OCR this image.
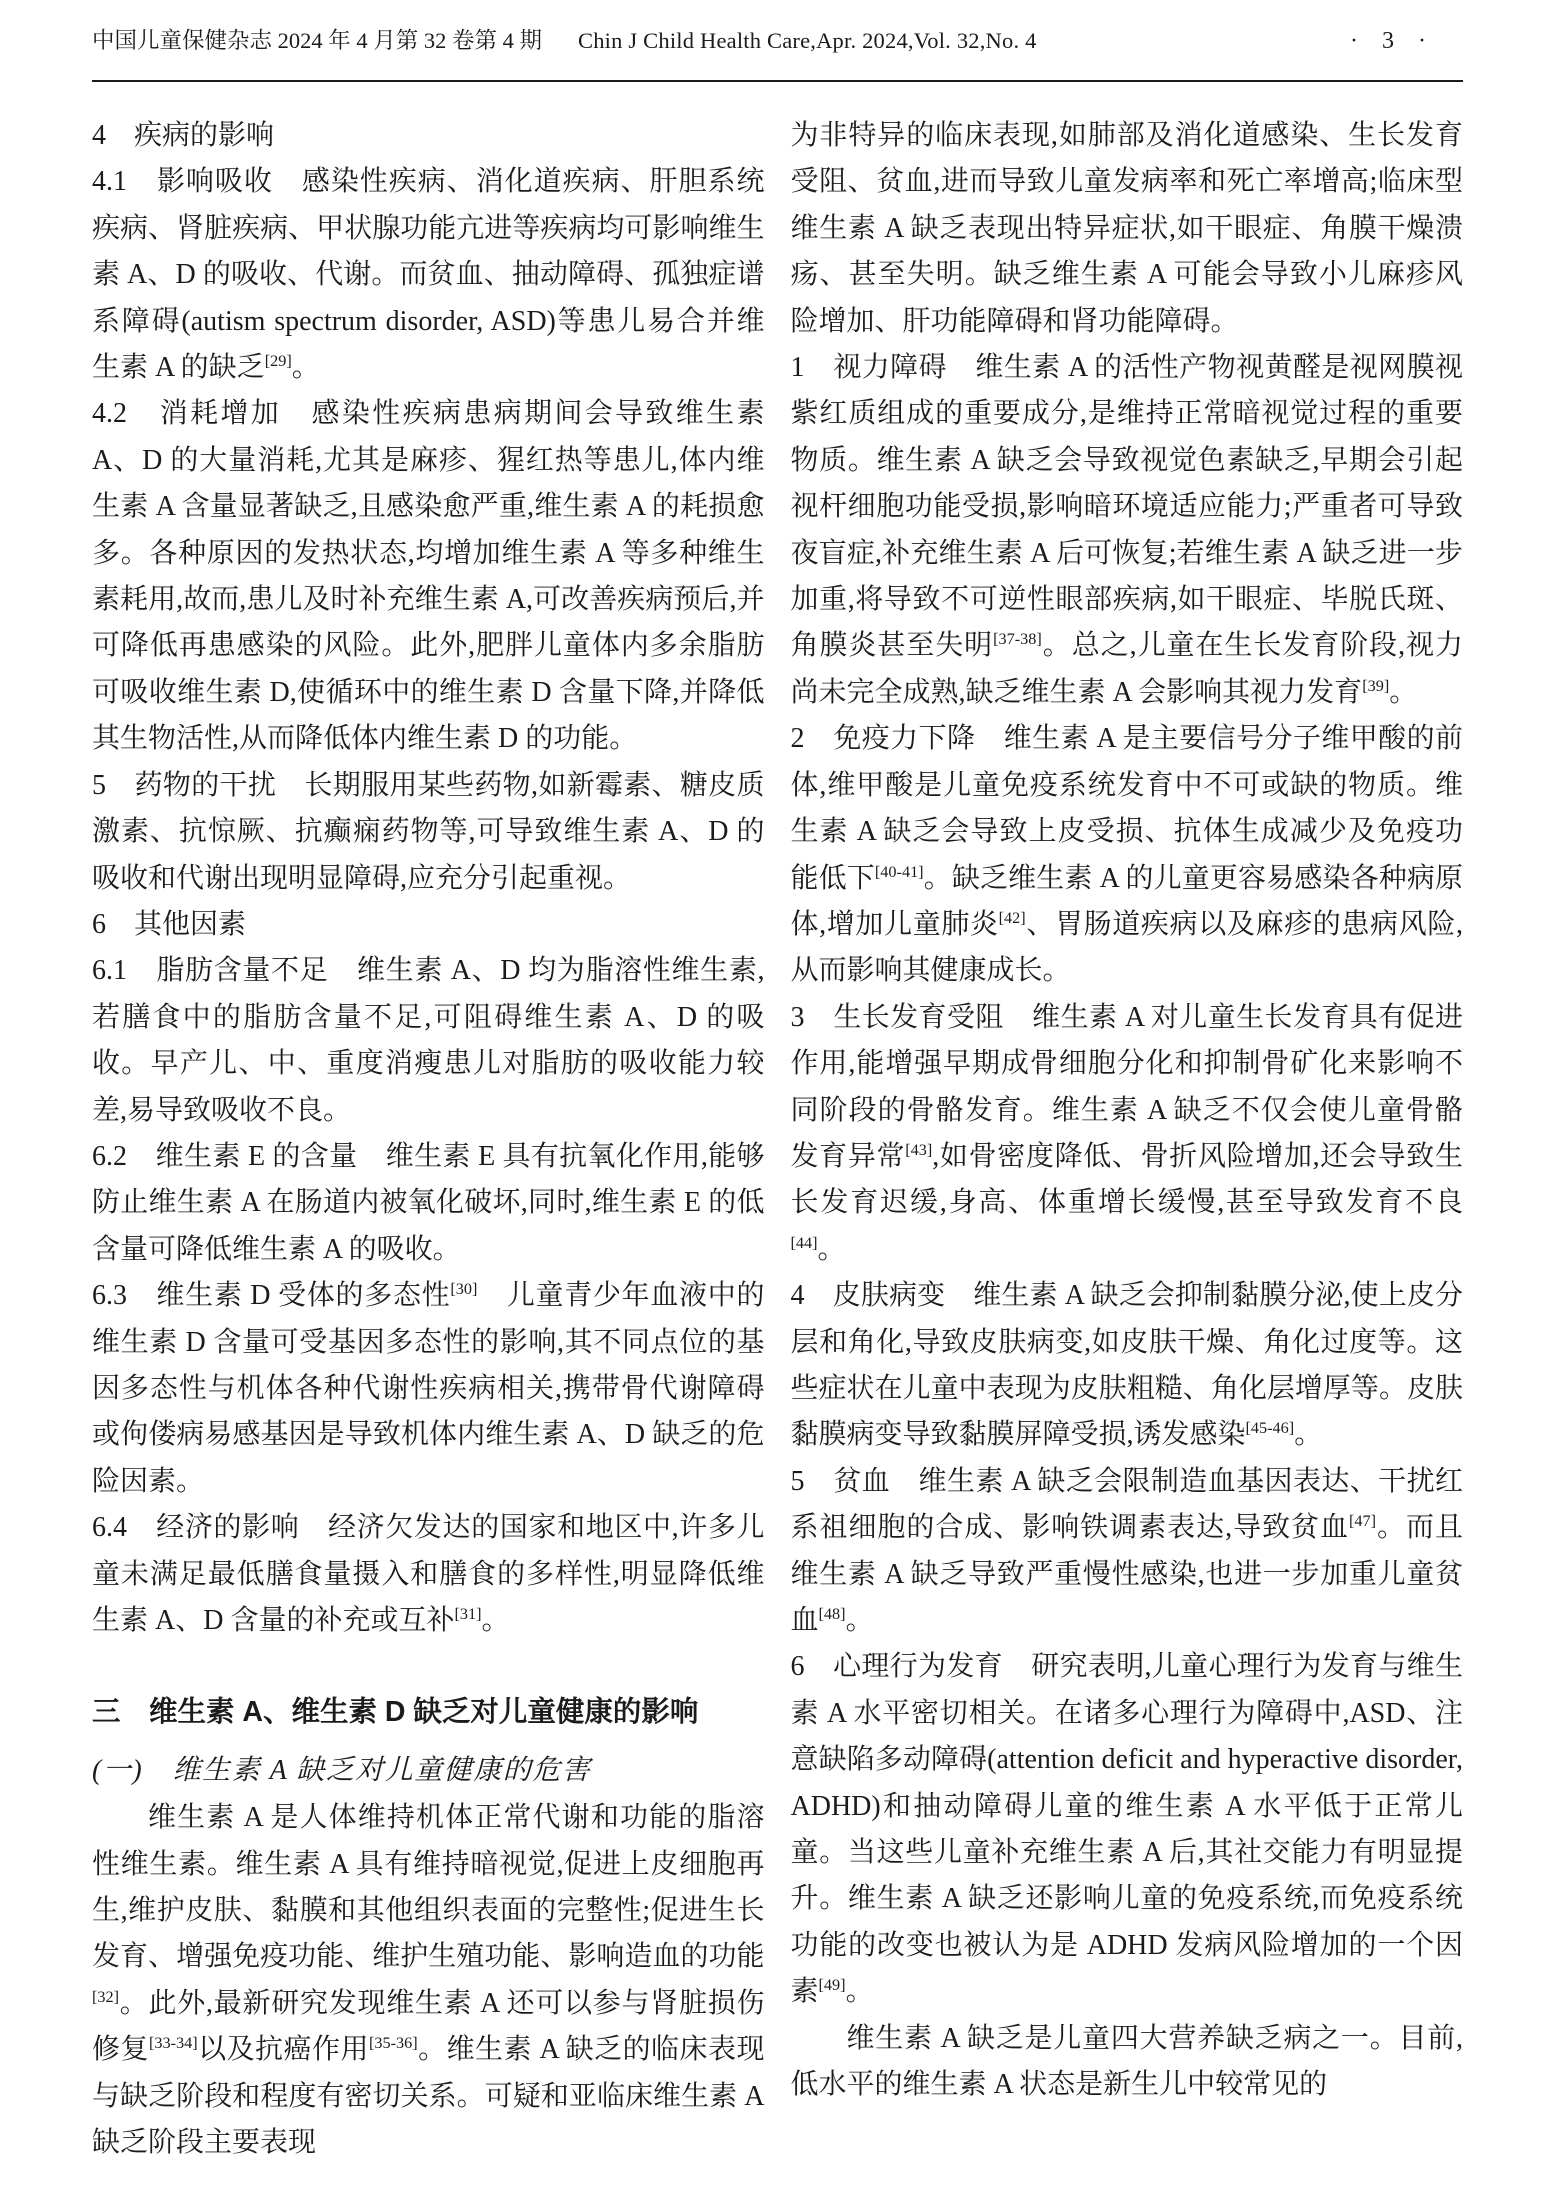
中国儿童保健杂志 2024 年 4 月第 32 卷第 4 期 Chin J Child Health Care,Apr. 2024,Vol. 32,No. 4	· 3 ·

4　疾病的影响

4.1　影响吸收　感染性疾病、消化道疾病、肝胆系统疾病、肾脏疾病、甲状腺功能亢进等疾病均可影响维生素 A、D 的吸收、代谢。而贫血、抽动障碍、孤独症谱系障碍(autism spectrum disorder, ASD)等患儿易合并维生素 A 的缺乏[29]。

4.2　消耗增加　感染性疾病患病期间会导致维生素 A、D 的大量消耗,尤其是麻疹、猩红热等患儿,体内维生素 A 含量显著缺乏,且感染愈严重,维生素 A 的耗损愈多。各种原因的发热状态,均增加维生素 A 等多种维生素耗用,故而,患儿及时补充维生素 A,可改善疾病预后,并可降低再患感染的风险。此外,肥胖儿童体内多余脂肪可吸收维生素 D,使循环中的维生素 D 含量下降,并降低其生物活性,从而降低体内维生素 D 的功能。

5　药物的干扰　长期服用某些药物,如新霉素、糖皮质激素、抗惊厥、抗癫痫药物等,可导致维生素 A、D 的吸收和代谢出现明显障碍,应充分引起重视。

6　其他因素

6.1　脂肪含量不足　维生素 A、D 均为脂溶性维生素,若膳食中的脂肪含量不足,可阻碍维生素 A、D 的吸收。早产儿、中、重度消瘦患儿对脂肪的吸收能力较差,易导致吸收不良。

6.2　维生素 E 的含量　维生素 E 具有抗氧化作用,能够防止维生素 A 在肠道内被氧化破坏,同时,维生素 E 的低含量可降低维生素 A 的吸收。

6.3　维生素 D 受体的多态性[30]　儿童青少年血液中的维生素 D 含量可受基因多态性的影响,其不同点位的基因多态性与机体各种代谢性疾病相关,携带骨代谢障碍或佝偻病易感基因是导致机体内维生素 A、D 缺乏的危险因素。

6.4　经济的影响　经济欠发达的国家和地区中,许多儿童未满足最低膳食量摄入和膳食的多样性,明显降低维生素 A、D 含量的补充或互补[31]。

三　维生素 A、维生素 D 缺乏对儿童健康的影响

(一)　维生素 A 缺乏对儿童健康的危害

维生素 A 是人体维持机体正常代谢和功能的脂溶性维生素。维生素 A 具有维持暗视觉,促进上皮细胞再生,维护皮肤、黏膜和其他组织表面的完整性;促进生长发育、增强免疫功能、维护生殖功能、影响造血的功能[32]。此外,最新研究发现维生素 A 还可以参与肾脏损伤修复[33-34]以及抗癌作用[35-36]。维生素 A 缺乏的临床表现与缺乏阶段和程度有密切关系。可疑和亚临床维生素 A 缺乏阶段主要表现

为非特异的临床表现,如肺部及消化道感染、生长发育受阻、贫血,进而导致儿童发病率和死亡率增高;临床型维生素 A 缺乏表现出特异症状,如干眼症、角膜干燥溃疡、甚至失明。缺乏维生素 A 可能会导致小儿麻疹风险增加、肝功能障碍和肾功能障碍。

1　视力障碍　维生素 A 的活性产物视黄醛是视网膜视紫红质组成的重要成分,是维持正常暗视觉过程的重要物质。维生素 A 缺乏会导致视觉色素缺乏,早期会引起视杆细胞功能受损,影响暗环境适应能力;严重者可导致夜盲症,补充维生素 A 后可恢复;若维生素 A 缺乏进一步加重,将导致不可逆性眼部疾病,如干眼症、毕脱氏斑、角膜炎甚至失明[37-38]。总之,儿童在生长发育阶段,视力尚未完全成熟,缺乏维生素 A 会影响其视力发育[39]。

2　免疫力下降　维生素 A 是主要信号分子维甲酸的前体,维甲酸是儿童免疫系统发育中不可或缺的物质。维生素 A 缺乏会导致上皮受损、抗体生成减少及免疫功能低下[40-41]。缺乏维生素 A 的儿童更容易感染各种病原体,增加儿童肺炎[42]、胃肠道疾病以及麻疹的患病风险,从而影响其健康成长。

3　生长发育受阻　维生素 A 对儿童生长发育具有促进作用,能增强早期成骨细胞分化和抑制骨矿化来影响不同阶段的骨骼发育。维生素 A 缺乏不仅会使儿童骨骼发育异常[43],如骨密度降低、骨折风险增加,还会导致生长发育迟缓,身高、体重增长缓慢,甚至导致发育不良[44]。

4　皮肤病变　维生素 A 缺乏会抑制黏膜分泌,使上皮分层和角化,导致皮肤病变,如皮肤干燥、角化过度等。这些症状在儿童中表现为皮肤粗糙、角化层增厚等。皮肤黏膜病变导致黏膜屏障受损,诱发感染[45-46]。

5　贫血　维生素 A 缺乏会限制造血基因表达、干扰红系祖细胞的合成、影响铁调素表达,导致贫血[47]。而且维生素 A 缺乏导致严重慢性感染,也进一步加重儿童贫血[48]。

6　心理行为发育　研究表明,儿童心理行为发育与维生素 A 水平密切相关。在诸多心理行为障碍中,ASD、注意缺陷多动障碍(attention deficit and hyperactive disorder, ADHD)和抽动障碍儿童的维生素 A 水平低于正常儿童。当这些儿童补充维生素 A 后,其社交能力有明显提升。维生素 A 缺乏还影响儿童的免疫系统,而免疫系统功能的改变也被认为是 ADHD 发病风险增加的一个因素[49]。

维生素 A 缺乏是儿童四大营养缺乏病之一。目前,低水平的维生素 A 状态是新生儿中较常见的
